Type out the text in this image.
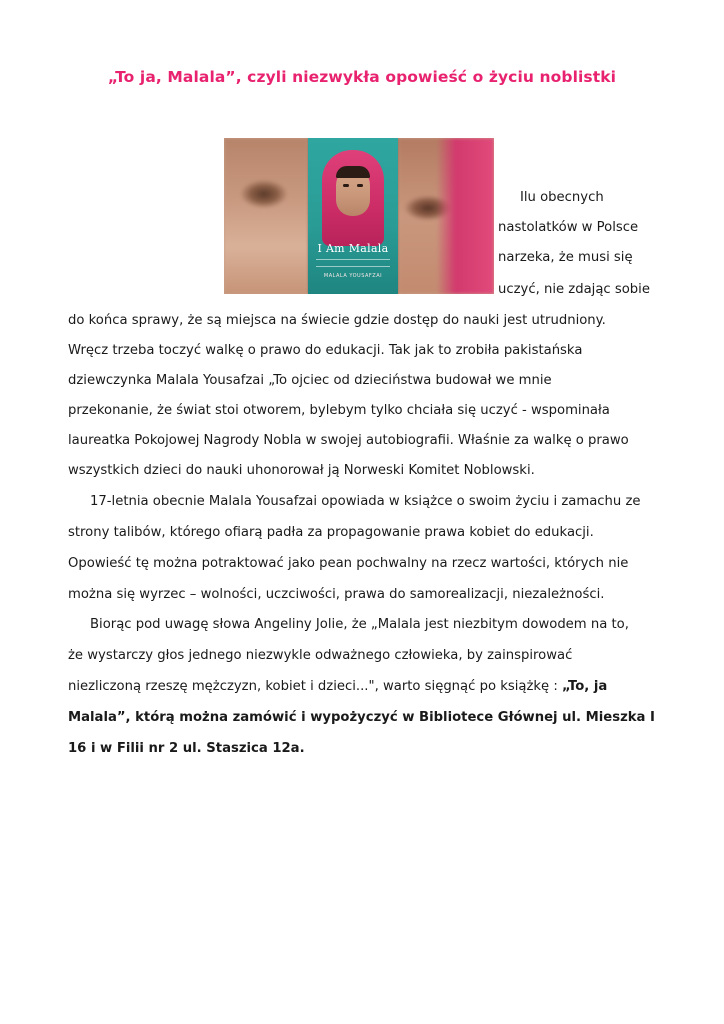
„To ja, Malala”, czyli niezwykła opowieść o życiu noblistki
I Am Malala
MALALA YOUSAFZAI
Ilu obecnych
nastolatków w Polsce
narzeka, że musi się
uczyć, nie zdając sobie
do końca sprawy, że są miejsca na świecie gdzie dostęp do nauki jest utrudniony.
Wręcz trzeba toczyć walkę o prawo do edukacji. Tak jak to zrobiła pakistańska
dziewczynka Malala Yousafzai „To ojciec od dzieciństwa budował we mnie
przekonanie, że świat stoi otworem, bylebym tylko chciała się uczyć - wspominała
laureatka Pokojowej Nagrody Nobla w swojej autobiografii. Właśnie za walkę o prawo
wszystkich dzieci do nauki uhonorował ją Norweski Komitet Noblowski.
17-letnia obecnie Malala Yousafzai opowiada w książce o swoim życiu i zamachu ze
strony talibów, którego ofiarą padła za propagowanie prawa kobiet do edukacji.
Opowieść tę można potraktować jako pean pochwalny na rzecz wartości, których nie
można się wyrzec – wolności, uczciwości, prawa do samorealizacji, niezależności.
Biorąc pod uwagę słowa Angeliny Jolie, że „Malala jest niezbitym dowodem na to,
że wystarczy głos jednego niezwykle odważnego człowieka, by zainspirować
niezliczoną rzeszę mężczyzn, kobiet i dzieci...", warto sięgnąć po książkę : „To, ja
Malala”, którą można zamówić i wypożyczyć w Bibliotece Głównej ul. Mieszka I
16 i w Filii nr 2 ul. Staszica 12a.
